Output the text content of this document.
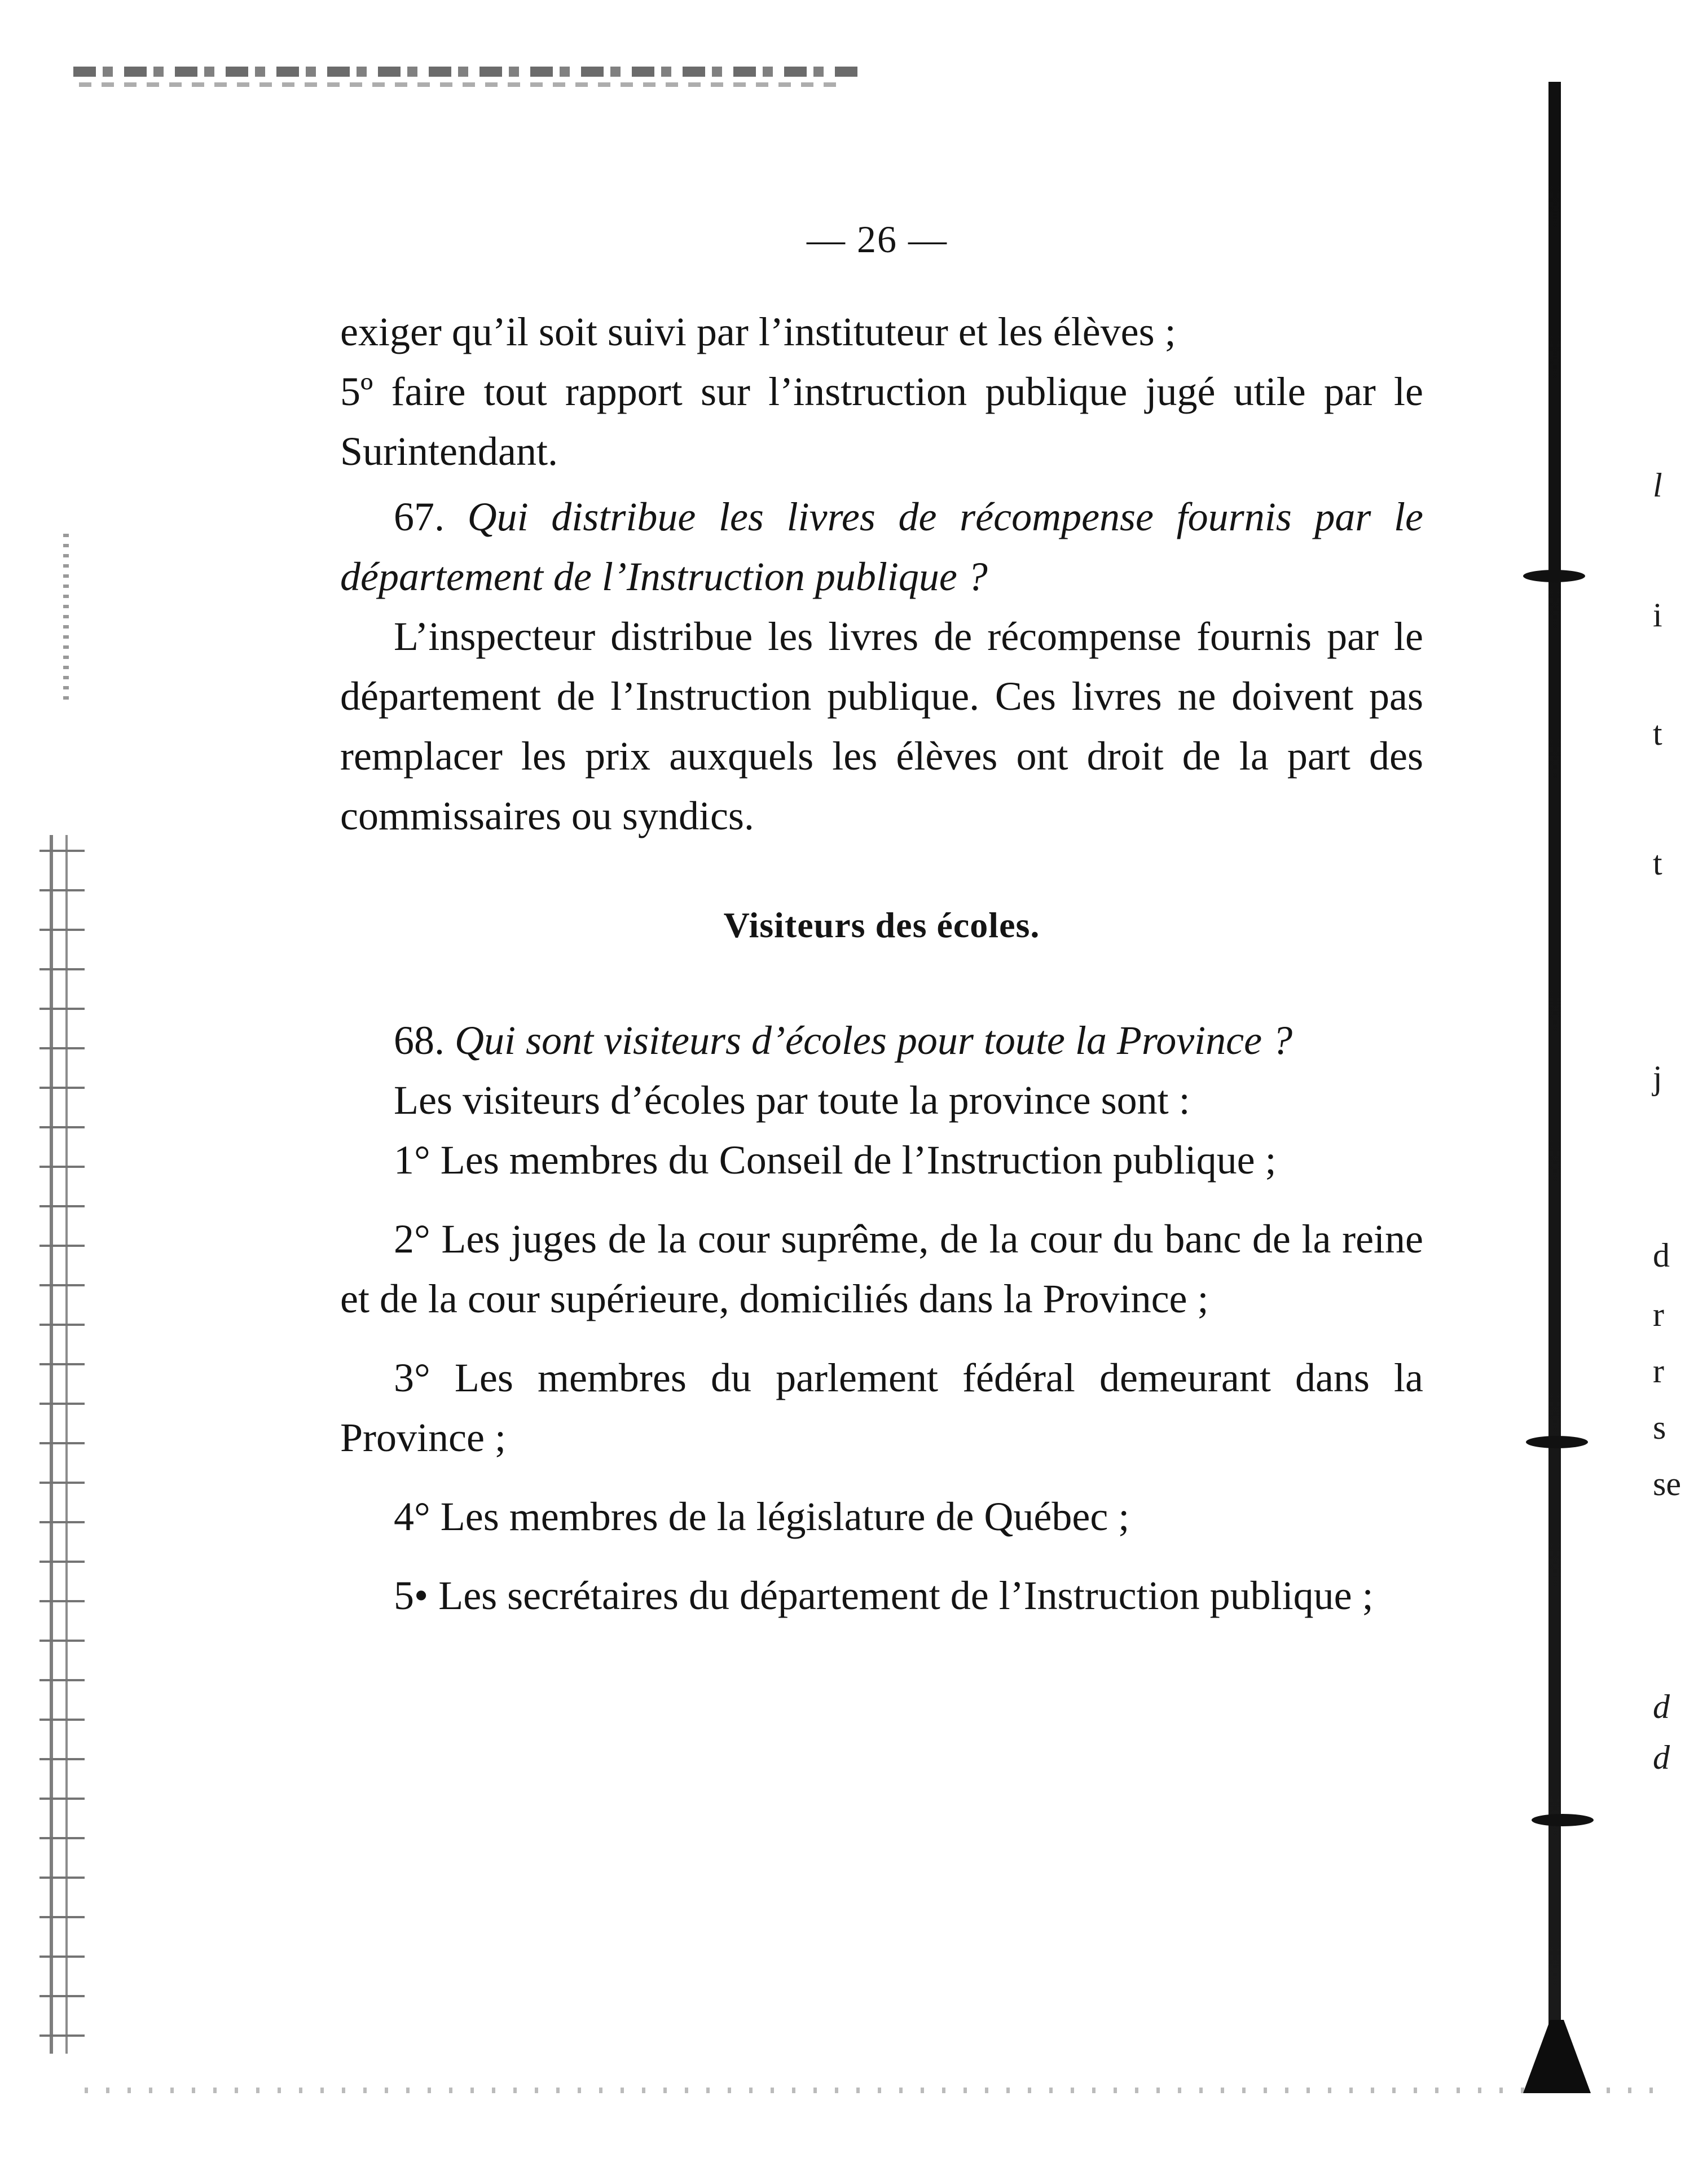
l
i
t
t
j
d
r
r
s
se
d
d
— 26 —

exiger qu’il soit suivi par l’instituteur et les élèves ;

5º faire tout rapport sur l’instruction publique jugé utile par le Surintendant.

67. Qui distribue les livres de récompense fournis par le département de l’Instruction publique ?

L’inspecteur distribue les livres de récompense fournis par le département de l’Instruction publique. Ces livres ne doivent pas remplacer les prix auxquels les élèves ont droit de la part des commissaires ou syndics.

Visiteurs des écoles.

68. Qui sont visiteurs d’écoles pour toute la Province ?

Les visiteurs d’écoles par toute la province sont :

1° Les membres du Conseil de l’Instruction publique ;

2° Les juges de la cour suprême, de la cour du banc de la reine et de la cour supérieure, domiciliés dans la Province ;

3° Les membres du parlement fédéral demeurant dans la Province ;

4° Les membres de la législature de Québec ;

5• Les secrétaires du département de l’Instruction publique ;
